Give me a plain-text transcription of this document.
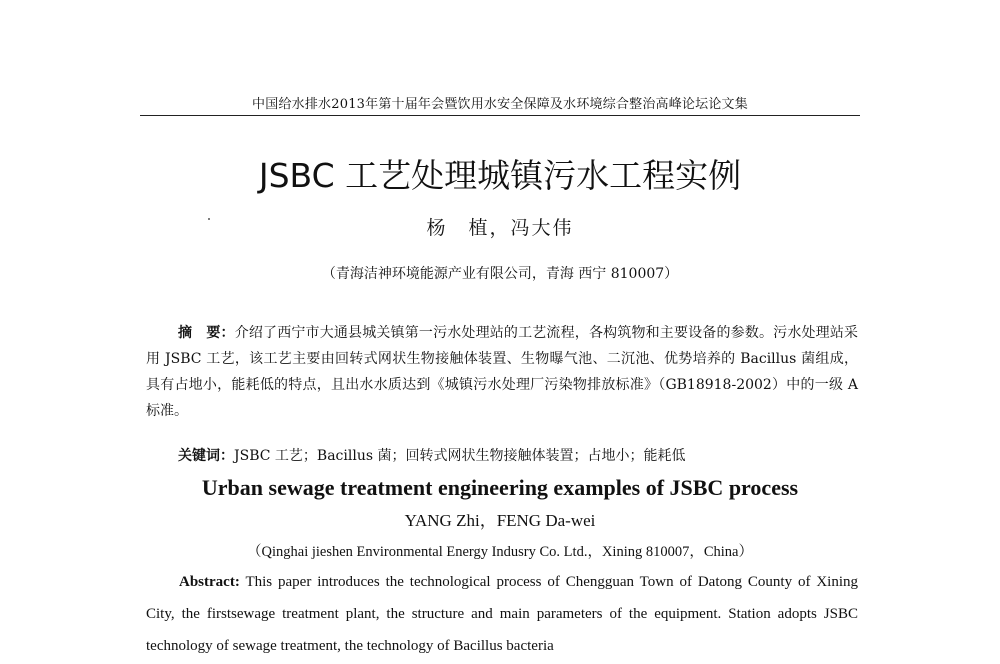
中国给水排水2013年第十届年会暨饮用水安全保障及水环境综合整治高峰论坛论文集
JSBC 工艺处理城镇污水工程实例
杨　植，冯大伟
（青海洁神环境能源产业有限公司，青海 西宁 810007）
摘　要：介绍了西宁市大通县城关镇第一污水处理站的工艺流程，各构筑物和主要设备的参数。污水处理站采用 JSBC 工艺，该工艺主要由回转式网状生物接触体装置、生物曝气池、二沉池、优势培养的 Bacillus 菌组成，具有占地小，能耗低的特点，且出水水质达到《城镇污水处理厂污染物排放标准》（GB18918-2002）中的一级 A 标准。
关键词：JSBC 工艺；Bacillus 菌；回转式网状生物接触体装置；占地小；能耗低
Urban sewage treatment engineering examples of JSBC process
YANG Zhi，FENG Da-wei
（Qinghai jieshen Environmental Energy Indusry Co. Ltd.，Xining 810007，China）
Abstract: This paper introduces the technological process of Chengguan Town of Datong County of Xining City, the firstsewage treatment plant, the structure and main parameters of the equipment. Station adopts JSBC technology of sewage treatment, the technology of Bacillus bacteria
